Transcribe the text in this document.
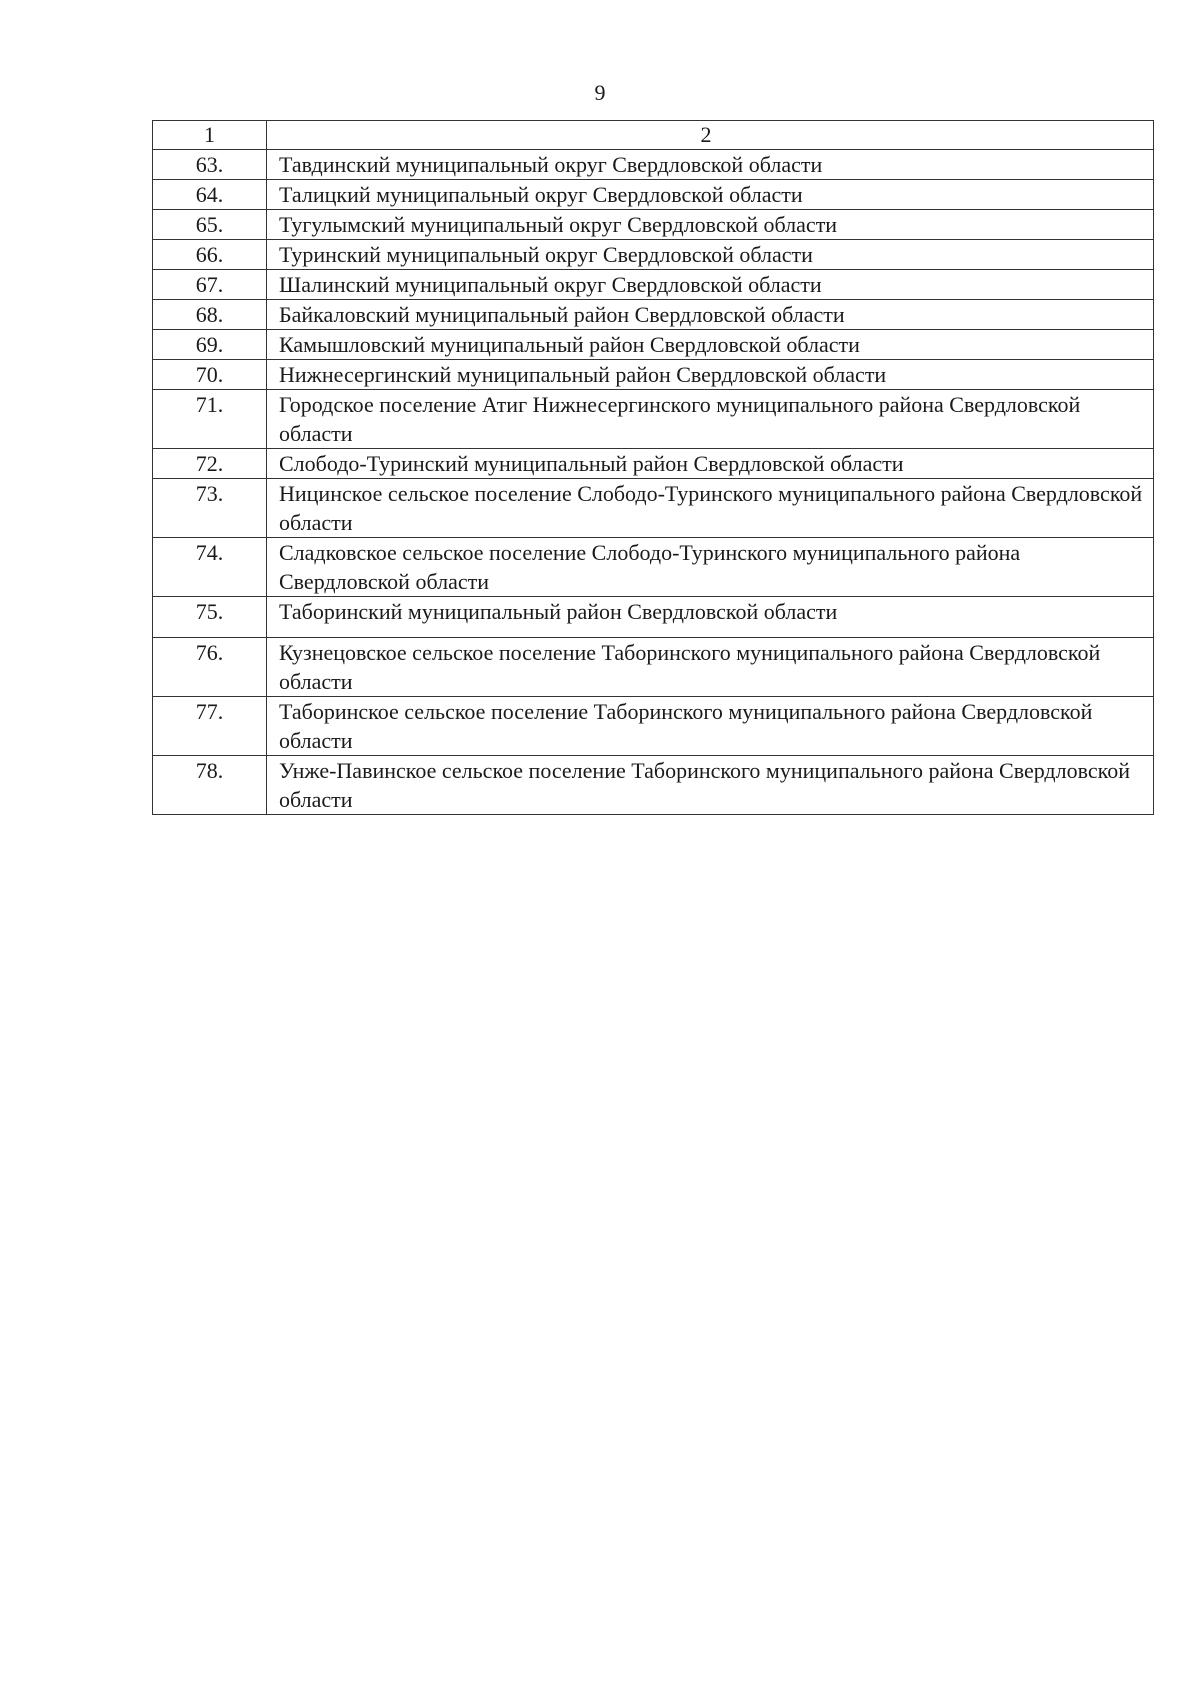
9
1	2
63.	Тавдинский муниципальный округ Свердловской области
64.	Талицкий муниципальный округ Свердловской области
65.	Тугулымский муниципальный округ Свердловской области
66.	Туринский муниципальный округ Свердловской области
67.	Шалинский муниципальный округ Свердловской области
68.	Байкаловский муниципальный район Свердловской области
69.	Камышловский муниципальный район Свердловской области
70.	Нижнесергинский муниципальный район Свердловской области
71.	Городское поселение Атиг Нижнесергинского муниципального района Свердловской области
72.	Слободо-Туринский муниципальный район Свердловской области
73.	Ницинское сельское поселение Слободо-Туринского муниципального района Свердловской области
74.	Сладковское сельское поселение Слободо-Туринского муниципального района Свердловской области
75.	Таборинский муниципальный район Свердловской области
76.	Кузнецовское сельское поселение Таборинского муниципального района Свердловской области
77.	Таборинское сельское поселение Таборинского муниципального района Свердловской области
78.	Унже-Павинское сельское поселение Таборинского муниципального района Свердловской области
